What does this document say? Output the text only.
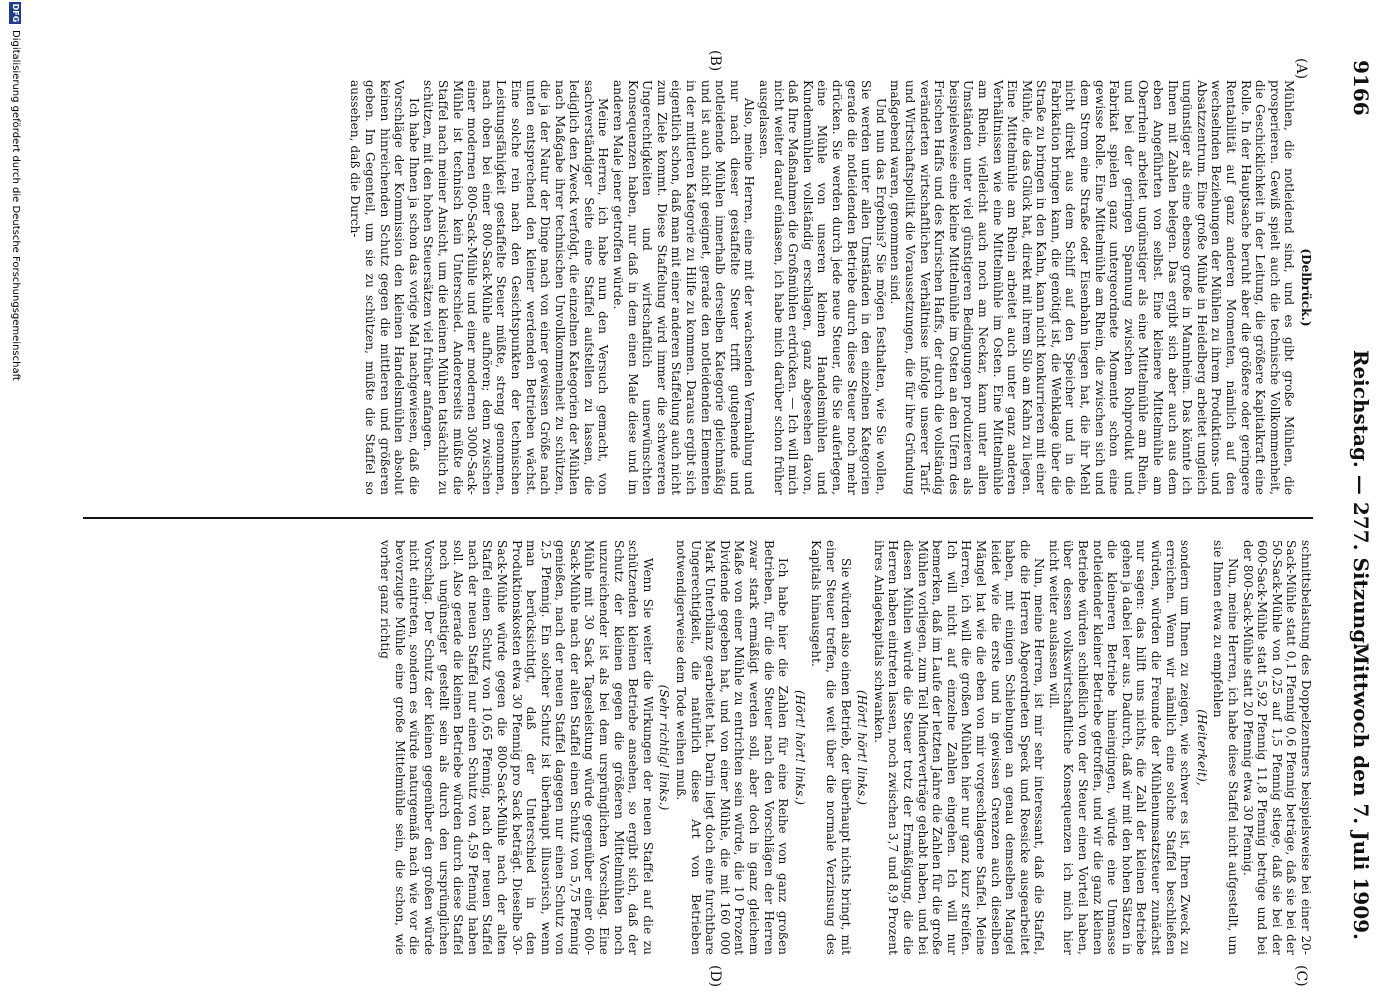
9166
Reichstag. — 277. Sitzung.
Mittwoch den 7. Juli 1909.
(A)
(B)
(C)
(D)

(Delbrück.)

Mühlen, die notleidend sind, und es gibt große Mühlen, die prosperieren. Gewiß spielt auch die technische Vollkommenheit, die Geschicklichkeit in der Leitung, die größere Kapitalkraft eine Rolle. In der Hauptsache beruht aber die größere oder geringere Rentabilität auf ganz anderen Momenten, nämlich auf den wechselnden Beziehungen der Mühlen zu ihrem Produktions- und Absatzzentrum. Eine große Mühle in Heidelberg arbeitet ungleich ungünstiger als eine ebenso große in Mannheim. Das könnte ich Ihnen mit Zahlen belegen. Das ergibt sich aber auch aus dem eben Angeführten von selbst. Eine kleinere Mittelmühle am Oberrhein arbeitet ungünstiger als eine Mittelmühle am Rhein, und bei der geringen Spannung zwischen Rohprodukt und Fabrikat spielen ganz untergeordnete Momente schon eine gewisse Rolle. Eine Mittelmühle am Rhein, die zwischen sich und dem Strom eine Straße oder Eisenbahn liegen hat, die ihr Mehl nicht direkt aus dem Schiff auf den Speicher und in die Fabrikation bringen kann, die genötigt ist, die Wehklage über die Straße zu bringen in den Kahn, kann nicht konkurrieren mit einer Mühle, die das Glück hat, direkt mit ihrem Silo am Kahn zu liegen. Eine Mittelmühle am Rhein arbeitet auch unter ganz anderen Verhältnissen wie eine Mittelmühle im Osten. Eine Mittelmühle am Rhein, vielleicht auch noch am Neckar, kann unter allen Umständen unter viel günstigeren Bedingungen produzieren als beispielsweise eine kleine Mittelmühle im Osten an den Ufern des Frischen Haffs und des Kurischen Haffs, der durch die vollständig veränderten wirtschaftlichen Verhältnisse infolge unserer Tarif- und Wirtschaftspolitik die Voraussetzungen, die für ihre Gründung maßgebend waren, genommen sind.

Und nun das Ergebnis? Sie mögen festhalten, wie Sie wollen, Sie werden unter allen Umständen in den einzelnen Kategorien gerade die notleidenden Betriebe durch diese Steuer noch mehr drücken. Sie werden durch jede neue Steuer, die Sie auferlegen, eine Mühle von unseren kleinen Handelsmühlen und Kundenmühlen vollständig erschlagen, ganz abgesehen davon, daß Ihre Maßnahmen die Großmühlen erdrücken. — Ich will mich nicht weiter darauf einlassen, ich habe mich darüber schon früher ausgelassen.

Also, meine Herren, eine mit der wachsenden Vermahlung und nur nach dieser gestaffelte Steuer trifft gutgehende und notleidende Mühlen innerhalb derselben Kategorie gleichmäßig und ist auch nicht geeignet, gerade den notleidenden Elementen in der mittleren Kategorie zu Hilfe zu kommen. Daraus ergibt sich eigentlich schon, daß man mit einer anderen Staffelung auch nicht zum Ziele kommt. Diese Staffelung wird immer die schwereren Ungerechtigkeiten und wirtschaftlich unerwünschten Konsequenzen haben, nur daß in dem einen Male diese und im anderen Male jener getroffen würde.

Meine Herren, ich habe nun den Versuch gemacht, von sachverständiger Seite eine Staffel aufstellen zu lassen, die lediglich den Zweck verfolgt, die einzelnen Kategorien der Mühlen nach Maßgabe ihrer technischen Unvollkommenheit zu schützen, die ja der Natur der Dinge nach von einer gewissen Größe nach unten entsprechend den kleiner werdenden Betrieben wächst. Eine solche rein nach den Gesichtspunkten der technischen Leistungsfähigkeit gestaffelte Steuer müßte, streng genommen, nach oben bei einer 800-Sack-Mühle aufhören; denn zwischen einer modernen 800-Sack-Mühle und einer modernen 3000-Sack-Mühle ist technisch kein Unterschied. Andererseits müßte die Staffel nach meiner Ansicht, um die kleinen Mühlen tatsächlich zu schützen, mit den hohen Steuersätzen viel früher anfangen.

Ich habe Ihnen ja schon das vorige Mal nachgewiesen, daß die Vorschläge der Kommission den kleinen Handelsmühlen absolut keinen hinreichenden Schutz gegen die mittleren und größeren geben. Im Gegenteil, um sie zu schützen, müßte die Staffel so aussehen, daß die Durch-

schnittsbelastung des Doppelzentners beispielsweise bei einer 20-Sack-Mühle statt 0,1 Pfennig 0,6 Pfennig beträge, daß sie bei der 50-Sack-Mühle von 0,25 auf 1,5 Pfennig stiege, daß sie bei der 600-Sack-Mühle statt 5,92 Pfennig 11,8 Pfennig betrüge und bei der 800-Sack-Mühle statt 20 Pfennig etwa 30 Pfennig.

Nun, meine Herren, ich habe diese Staffel nicht aufgestellt, um sie Ihnen etwa zu empfehlen

(Heiterkeit),

sondern um Ihnen zu zeigen, wie schwer es ist, Ihren Zweck zu erreichen. Wenn wir nämlich eine solche Staffel beschließen würden, würden die Freunde der Mühlenumsatzsteuer zunächst nur sagen: das hilft uns nichts, die Zahl der kleinen Betriebe gehen ja dabei leer aus. Dadurch, daß wir mit den hohen Sätzen in die kleineren Betriebe hineingingen, würde eine Unmasse notleidender kleiner Betriebe getroffen, und wir die ganz kleinen Betriebe würden schließlich von der Steuer einen Vorteil haben, über dessen volkswirtschaftliche Konsequenzen ich mich hier nicht weiter auslassen will.

Nun, meine Herren, ist mir sehr interessant, daß die Staffel, die die Herren Abgeordneten Speck und Roesicke ausgearbeitet haben, mit einigen Schiebungen an genau demselben Mangel leidet wie die erste und in gewissen Grenzen auch dieselben Mängel hat wie die eben von mir vorgeschlagene Staffel. Meine Herren, ich will die großen Mühlen hier nur ganz kurz streifen. Ich will nicht auf einzelne Zahlen eingehen. Ich will nur bemerken, daß im Laufe der letzten Jahre die Zahlen für die große Mühlen vorliegen, zum Teil Minderverträge gehabt haben, und bei diesen Mühlen würde die Steuer trotz der Ermäßigung, die die Herren haben eintreten lassen, noch zwischen 3,7 und 8,9 Prozent ihres Anlagekapitals schwanken.

(Hört! hört! links.)

Sie würden also einen Betrieb, der überhaupt nichts bringt, mit einer Steuer treffen, die weit über die normale Verzinsung des Kapitals hinausgeht.

(Hört! hört! links.)

Ich habe hier die Zahlen für eine Reihe von ganz großen Betrieben, für die die Steuer nach den Vorschlägen der Herren zwar stark ermäßigt werden soll, aber doch in ganz gleichem Maße von einer Mühle zu entrichten sein würde, die 10 Prozent Dividende gegeben hat, und von einer Mühle, die mit 160 000 Mark Unterbilanz gearbeitet hat. Darin liegt doch eine furchtbare Ungerechtigkeit, die natürlich diese Art von Betrieben notwendigerweise dem Tode weihen muß.

(Sehr richtig! links.)

Wenn Sie weiter die Wirkungen der neuen Staffel auf die zu schützenden kleinen Betriebe ansehen, so ergibt sich, daß der Schutz der kleinen gegen die größeren Mittelmühlen noch unzureichender ist als bei dem ursprünglichen Vorschlag. Eine Mühle mit 30 Sack Tagesleistung würde gegenüber einer 600-Sack-Mühle nach der alten Staffel einen Schutz von 5,75 Pfennig genießen, nach der neuen Staffel dagegen nur einen Schutz von 2,5 Pfennig. Ein solcher Schutz ist überhaupt illusorisch, wenn man berücksichtigt, daß der Unterschied in den Produktionskosten etwa 30 Pfennig pro Sack beträgt. Dieselbe 30-Sack-Mühle würde gegen die 800-Sack-Mühle nach der alten Staffel einen Schutz von 10,65 Pfennig, nach der neuen Staffel nach der neuen Staffel nur einen Schutz von 4,59 Pfennig haben soll. Also gerade die kleinen Betriebe würden durch diese Staffel noch ungünstiger gestellt sein als durch den ursprünglichen Vorschlag. Der Schutz der kleinen gegenüber den großen würde nicht eintreten, sondern es würde naturgemäß nach wie vor die bevorzugte Mühle eine große Mittelmühle sein, die schon, wie vorher ganz richtig

DFG
Digitalisierung gefördert durch die Deutsche Forschungsgemeinschaft
